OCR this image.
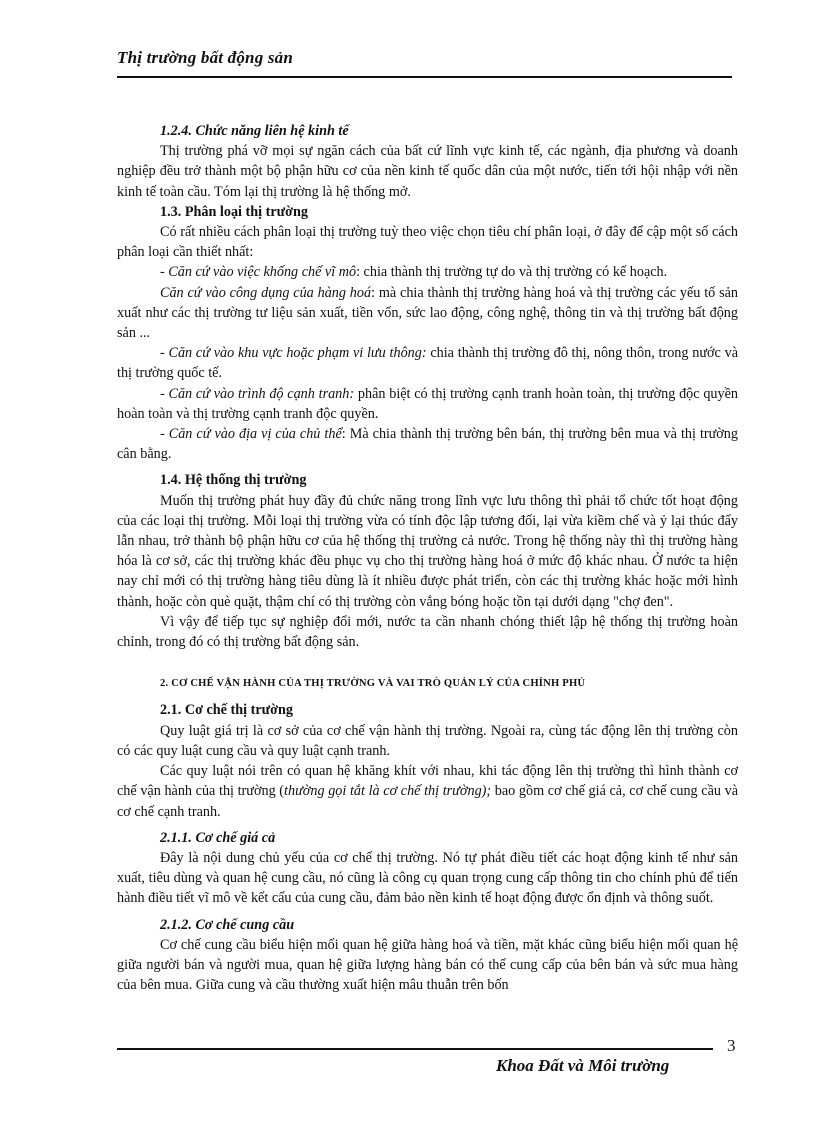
Thị trường bất động sản
1.2.4. Chức năng liên hệ kinh tế

Thị trường phá vỡ mọi sự ngăn cách của bất cứ lĩnh vực kinh tế, các ngành, địa phương và doanh nghiệp đều trở thành một bộ phận hữu cơ của nền kinh tế quốc dân của một nước, tiến tới hội nhập với nền kinh tế toàn cầu. Tóm lại thị trường là hệ thống mở.

1.3. Phân loại thị trường

Có rất nhiều cách phân loại thị trường tuỳ theo việc chọn tiêu chí phân loại, ở đây để cập một số cách phân loại cần thiết nhất:

- Căn cứ vào việc khống chế vĩ mô: chia thành thị trường tự do và thị trường có kế hoạch.

Căn cứ vào công dụng của hàng hoá: mà chia thành thị trường hàng hoá và thị trường các yếu tố sản xuất như các thị trường tư liệu sản xuất, tiền vốn, sức lao động, công nghệ, thông tin và thị trường bất động sản ...

- Căn cứ vào khu vực hoặc phạm vi lưu thông: chia thành thị trường đô thị, nông thôn, trong nước và thị trường quốc tế.

- Căn cứ vào trình độ cạnh tranh: phân biệt có thị trường cạnh tranh hoàn toàn, thị trường độc quyền hoàn toàn và thị trường cạnh tranh độc quyền.

- Căn cứ vào địa vị của chủ thể: Mà chia thành thị trường bên bán, thị trường bên mua và thị trường cân bằng.

1.4. Hệ thống thị trường

Muốn thị trường phát huy đầy đủ chức năng trong lĩnh vực lưu thông thì phải tổ chức tốt hoạt động của các loại thị trường. Mỗi loại thị trường vừa có tính độc lập tương đối, lại vừa kiềm chế và ỷ lại thúc đẩy lẫn nhau, trở thành bộ phận hữu cơ của hệ thống thị trường cả nước. Trong hệ thống này thì thị trường hàng hóa là cơ sở, các thị trường khác đều phục vụ cho thị trường hàng hoá ở mức độ khác nhau. Ở nước ta hiện nay chỉ mới có thị trường hàng tiêu dùng là ít nhiều được phát triển, còn các thị trường khác hoặc mới hình thành, hoặc còn què quặt, thậm chí có thị trường còn vắng bóng hoặc tồn tại dưới dạng "chợ đen".

Vì vậy để tiếp tục sự nghiệp đổi mới, nước ta cần nhanh chóng thiết lập hệ thống thị trường hoàn chỉnh, trong đó có thị trường bất động sản.

2. CƠ CHẾ VẬN HÀNH CỦA THỊ TRƯỜNG VÀ VAI TRÒ QUẢN LÝ CỦA CHÍNH PHỦ
2.1. Cơ chế thị trường

Quy luật giá trị là cơ sở của cơ chế vận hành thị trường. Ngoài ra, cùng tác động lên thị trường còn có các quy luật cung cầu và quy luật cạnh tranh.

Các quy luật nói trên có quan hệ khăng khít với nhau, khi tác động lên thị trường thì hình thành cơ chế vận hành của thị trường (thường gọi tắt là cơ chế thị trường); bao gồm cơ chế giá cả, cơ chế cung cầu và cơ chế cạnh tranh.

2.1.1. Cơ chế giá cả

Đây là nội dung chủ yếu của cơ chế thị trường. Nó tự phát điều tiết các hoạt động kinh tế như sản xuất, tiêu dùng và quan hệ cung cầu, nó cũng là công cụ quan trọng cung cấp thông tin cho chính phủ để tiến hành điều tiết vĩ mô về kết cấu của cung cầu, đảm bảo nền kinh tế hoạt động được ổn định và thông suốt.

2.1.2. Cơ chế cung cầu

Cơ chế cung cầu biểu hiện mối quan hệ giữa hàng hoá và tiền, mặt khác cũng biểu hiện mối quan hệ giữa người bán và người mua, quan hệ giữa lượng hàng bán có thể cung cấp của bên bán và sức mua hàng của bên mua. Giữa cung và cầu thường xuất hiện mâu thuẫn trên bốn

3
Khoa Đất và Môi trường
